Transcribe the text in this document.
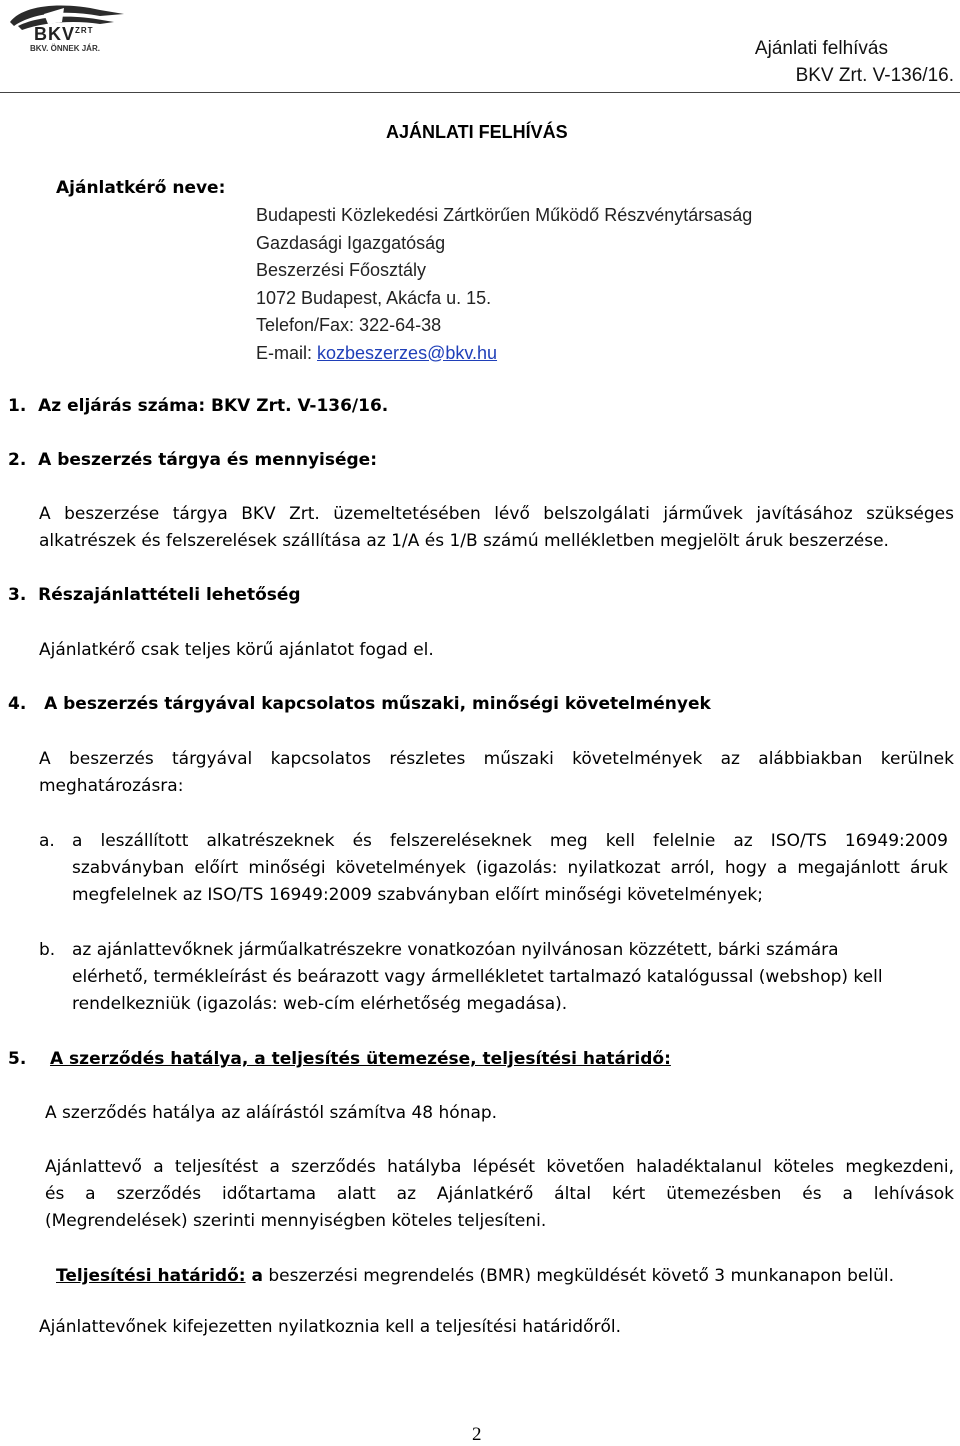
$BKV^{ZRT}$
BKV. ÖNNEK JÁR.	Ajánlati felhívás
BKV Zrt. V-136/16.
AJÁNLATI FELHÍVÁS
Ajánlatkérő neve:
Budapesti Közlekedési Zártkörűen Működő Részvénytársaság
Gazdasági Igazgatóság
Beszerzési Főosztály
1072 Budapest, Akácfa u. 15.
Telefon/Fax: 322-64-38
E-mail: kozbeszerzes@bkv.hu
1. Az eljárás száma: BKV Zrt. V-136/16.
2. A beszerzés tárgya és mennyisége:
A beszerzése tárgya BKV Zrt. üzemeltetésében lévő belszolgálati járművek javításához szükséges
alkatrészek és felszerelések szállítása az 1/A és 1/B számú mellékletben megjelölt áruk beszerzése.
3. Részajánlattételi lehetőség
Ajánlatkérő csak teljes körű ajánlatot fogad el.
4. A beszerzés tárgyával kapcsolatos műszaki, minőségi követelmények
A beszerzés tárgyával kapcsolatos részletes műszaki követelmények az alábbiakban kerülnek
meghatározásra:
a. a leszállított alkatrészeknek és felszereléseknek meg kell felelnie az ISO/TS 16949:2009
szabványban előírt minőségi követelmények (igazolás: nyilatkozat arról, hogy a megajánlott áruk
megfelelnek az ISO/TS 16949:2009 szabványban előírt minőségi követelmények;
b. az ajánlattevőknek járműalkatrészekre vonatkozóan nyilvánosan közzétett, bárki számára
elérhető, termékleírást és beárazott vagy ármellékletet tartalmazó katalógussal (webshop) kell
rendelkezniük (igazolás: web-cím elérhetőség megadása).
5. A szerződés hatálya, a teljesítés ütemezése, teljesítési határidő:
A szerződés hatálya az aláírástól számítva 48 hónap.
Ajánlattevő a teljesítést a szerződés hatályba lépését követően haladéktalanul köteles megkezdeni,
és a szerződés időtartama alatt az Ajánlatkérő által kért ütemezésben és a lehívások
(Megrendelések) szerinti mennyiségben köteles teljesíteni.
Teljesítési határidő: a beszerzési megrendelés (BMR) megküldését követő 3 munkanapon belül.
Ajánlattevőnek kifejezetten nyilatkoznia kell a teljesítési határidőről.
2
